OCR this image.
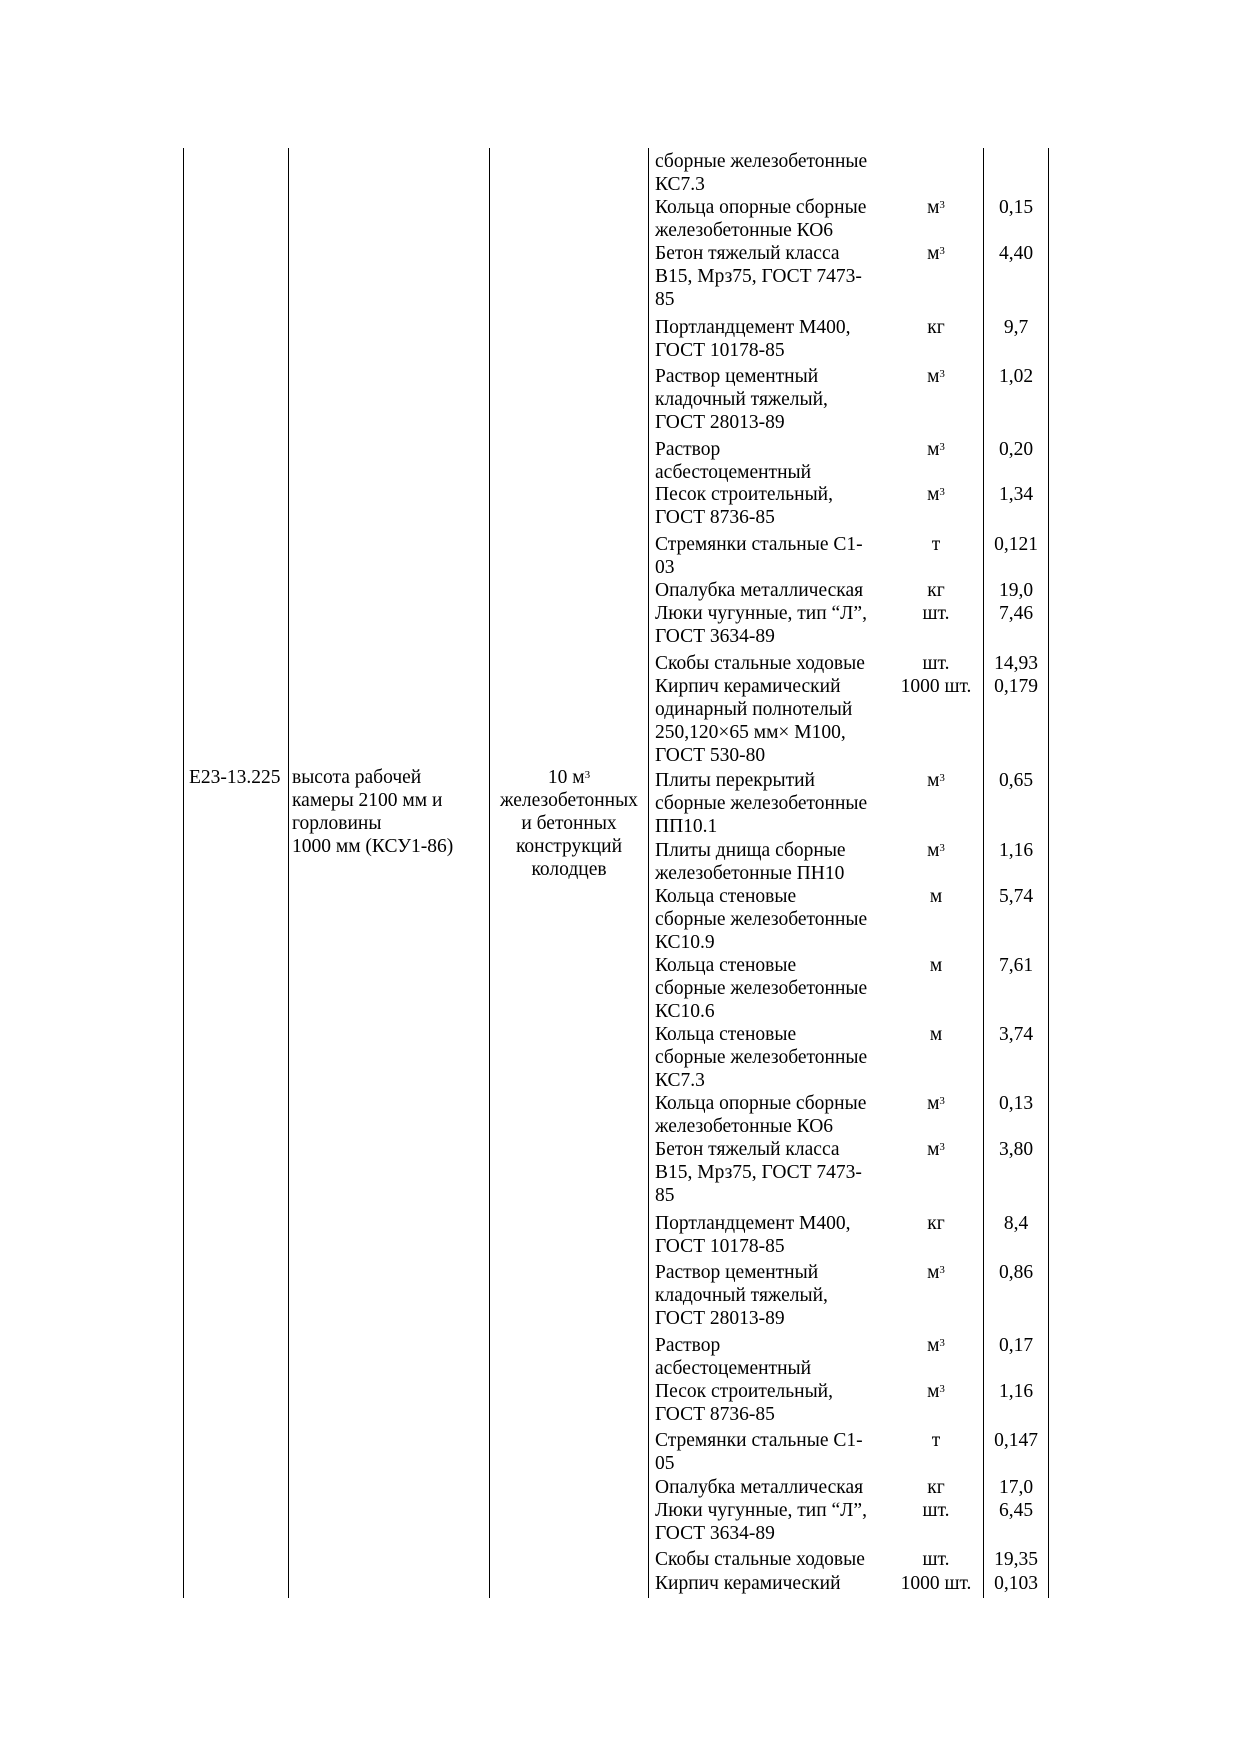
Е23-13.225 высота рабочей
камеры 2100 мм и
горловины
1000 мм (КСУ1-86)
10 $м^3$
железобетонных
и бетонных
конструкций
колодцев
сборные железобетонные
КС7.3
Кольца опорные сборные
железобетонные КО6
$м^3$	0,15
Бетон тяжелый класса
В15, Мрз75, ГОСТ 7473-
85
$м^3$	4,40
Портландцемент М400,
ГОСТ 10178-85
кг	9,7
Раствор цементный
кладочный тяжелый,
ГОСТ 28013-89
$м^3$	1,02
Раствор
асбестоцементный
$м^3$	0,20
Песок строительный,
ГОСТ 8736-85
$м^3$	1,34
Стремянки стальные С1-
03
т	0,121
Опалубка металлическая	кг	19,0
Люки чугунные, тип “Л”,
ГОСТ 3634-89
шт.	7,46
Скобы стальные ходовые	шт.	14,93
Кирпич керамический
одинарный полнотелый
250,120×65 мм× М100,
ГОСТ 530-80
1000 шт.	0,179
Плиты перекрытий
сборные железобетонные
ПП10.1
$м^3$	0,65
Плиты днища сборные
железобетонные ПН10
$м^3$	1,16
Кольца стеновые
сборные железобетонные
КС10.9
м	5,74
Кольца стеновые
сборные железобетонные
КС10.6
м	7,61
Кольца стеновые
сборные железобетонные
КС7.3
м	3,74
Кольца опорные сборные
железобетонные КО6
$м^3$	0,13
Бетон тяжелый класса
В15, Мрз75, ГОСТ 7473-
85
$м^3$	3,80
Портландцемент М400,
ГОСТ 10178-85
кг	8,4
Раствор цементный
кладочный тяжелый,
ГОСТ 28013-89
$м^3$	0,86
Раствор
асбестоцементный
$м^3$	0,17
Песок строительный,
ГОСТ 8736-85
$м^3$	1,16
Стремянки стальные С1-
05
т	0,147
Опалубка металлическая	кг	17,0
Люки чугунные, тип “Л”,
ГОСТ 3634-89
шт.	6,45
Скобы стальные ходовые	шт.	19,35
Кирпич керамический	1000 шт.	0,103
